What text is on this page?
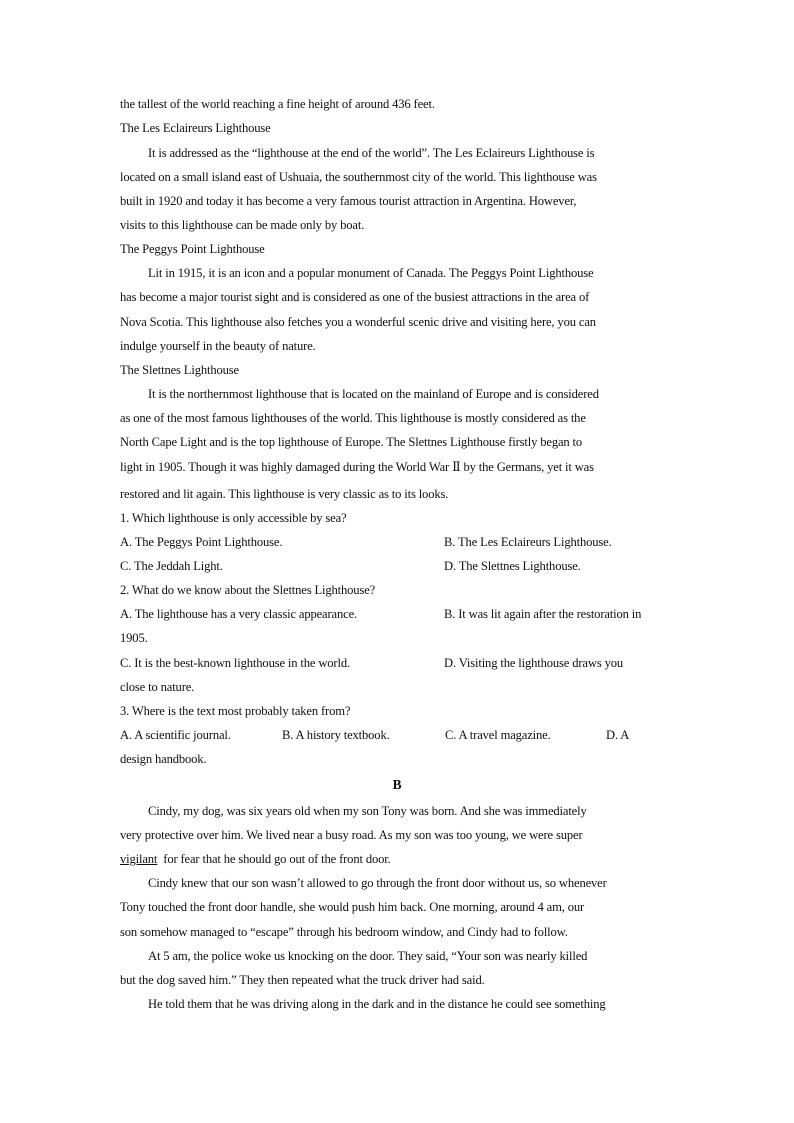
the tallest of the world reaching a fine height of around 436 feet.
The Les Eclaireurs Lighthouse
It is addressed as the “lighthouse at the end of the world”. The Les Eclaireurs Lighthouse is
located on a small island east of Ushuaia, the southernmost city of the world. This lighthouse was
built in 1920 and today it has become a very famous tourist attraction in Argentina. However,
visits to this lighthouse can be made only by boat.
The Peggys Point Lighthouse
Lit in 1915, it is an icon and a popular monument of Canada. The Peggys Point Lighthouse
has become a major tourist sight and is considered as one of the busiest attractions in the area of
Nova Scotia. This lighthouse also fetches you a wonderful scenic drive and visiting here, you can
indulge yourself in the beauty of nature.
The Slettnes Lighthouse
It is the northernmost lighthouse that is located on the mainland of Europe and is considered
as one of the most famous lighthouses of the world. This lighthouse is mostly considered as the
North Cape Light and is the top lighthouse of Europe. The Slettnes Lighthouse firstly began to
light in 1905. Though it was highly damaged during the World War Ⅱ by the Germans, yet it was
restored and lit again. This lighthouse is very classic as to its looks.
1. Which lighthouse is only accessible by sea?
A. The Peggys Point Lighthouse.	B. The Les Eclaireurs Lighthouse.
C. The Jeddah Light.	D. The Slettnes Lighthouse.
2. What do we know about the Slettnes Lighthouse?
A. The lighthouse has a very classic appearance.	B. It was lit again after the restoration in
1905.
C. It is the best-known lighthouse in the world.	D. Visiting the lighthouse draws you
close to nature.
3. Where is the text most probably taken from?
A. A scientific journal.	B. A history textbook.	C. A travel magazine.	D. A
design handbook.
B
Cindy, my dog, was six years old when my son Tony was born. And she was immediately
very protective over him. We lived near a busy road. As my son was too young, we were super
vigilant  for fear that he should go out of the front door.
Cindy knew that our son wasn’t allowed to go through the front door without us, so whenever
Tony touched the front door handle, she would push him back. One morning, around 4 am, our
son somehow managed to “escape” through his bedroom window, and Cindy had to follow.
At 5 am, the police woke us knocking on the door. They said, “Your son was nearly killed
but the dog saved him.” They then repeated what the truck driver had said.
He told them that he was driving along in the dark and in the distance he could see something
